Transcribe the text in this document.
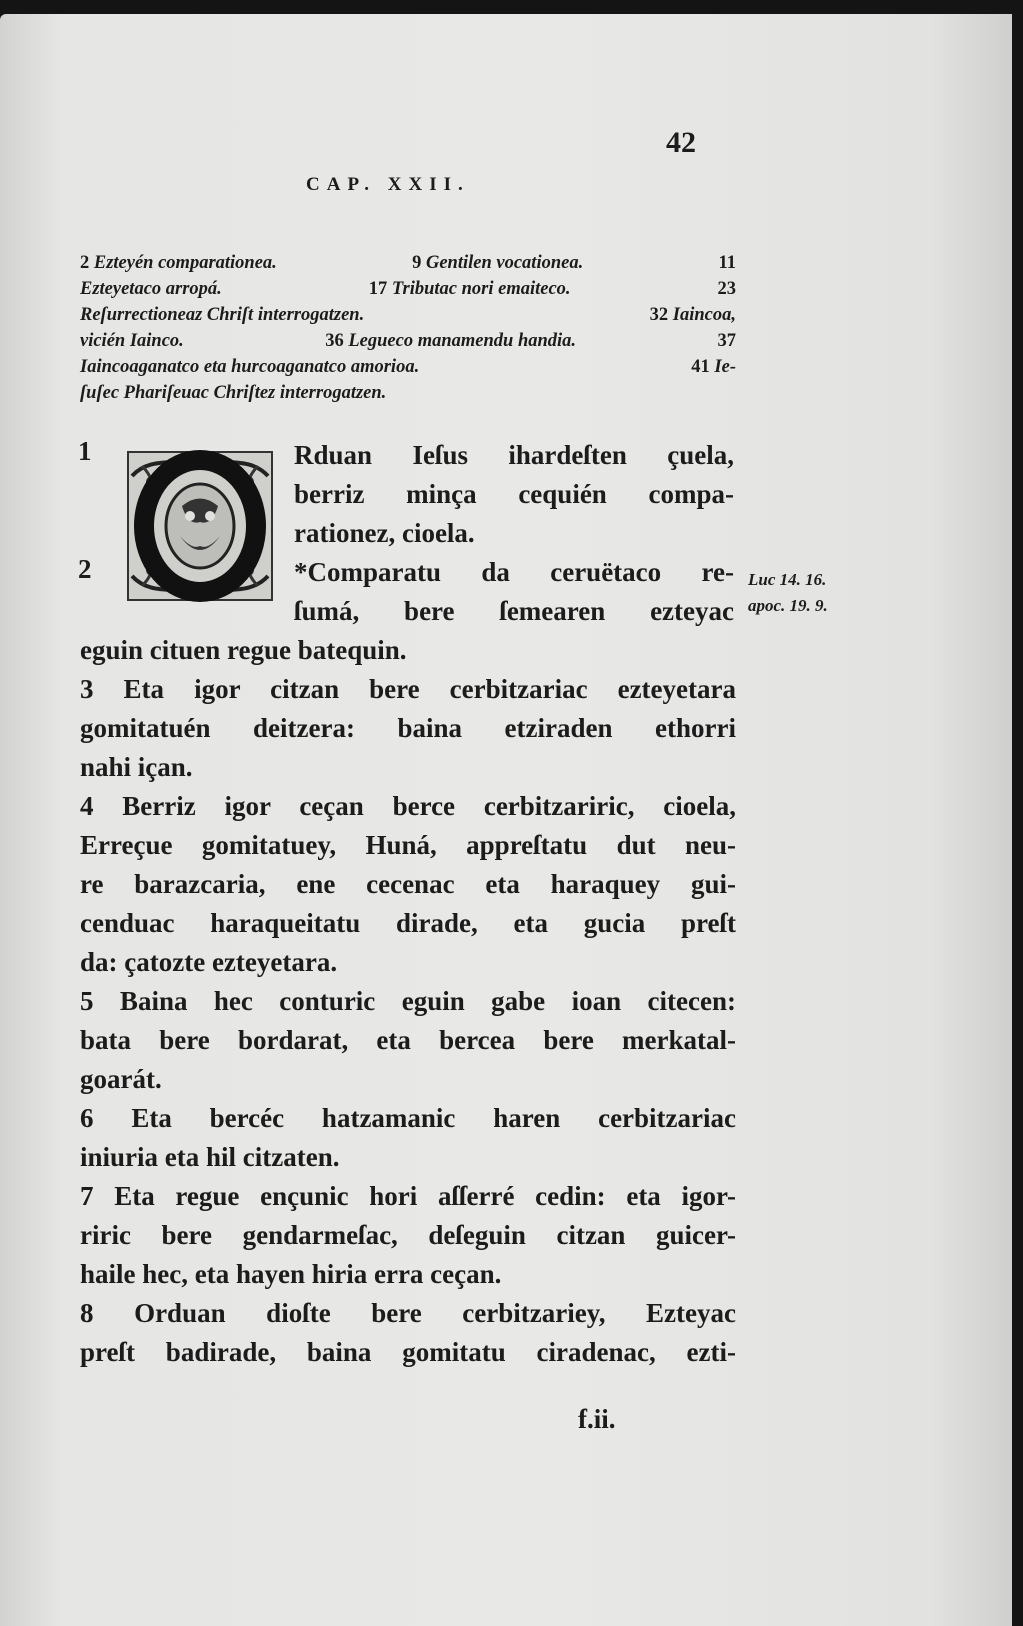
42
CAP. XXII.
2 Ezteyén comparationea.	9 Gentilen vocationea.	11
Ezteyetaco arropá.	17 Tributac nori emaiteco.	23
Reſurrectioneaz Chriſt interrogatzen.	32 Iaincoa,
vicién Iainco.	36 Legueco manamendu handia.	37
Iaincoaganatco eta hurcoaganatco amorioa.	41 Ie-
ſuſec Phariſeuac Chriſtez interrogatzen.
1
2
Rduan Ieſus ihardeſten çuela,
berriz minça cequién compa-
rationez, cioela.
*Comparatu da ceruëtaco re-
ſumá, bere ſemearen ezteyac
eguin cituen regue batequin.
3 Eta igor citzan bere cerbitzariac ezteyetara
gomitatuén deitzera: baina etziraden ethorri
nahi içan.
4 Berriz igor ceçan berce cerbitzariric, cioela,
Erreçue gomitatuey, Huná, appreſtatu dut neu-
re barazcaria, ene cecenac eta haraquey gui-
cenduac haraqueitatu dirade, eta gucia preſt
da: çatozte ezteyetara.
5 Baina hec conturic eguin gabe ioan citecen:
bata bere bordarat, eta bercea bere merkatal-
goarát.
6 Eta bercéc hatzamanic haren cerbitzariac
iniuria eta hil citzaten.
7 Eta regue ençunic hori aſſerré cedin: eta igor-
riric bere gendarmeſac, deſeguin citzan guicer-
haile hec, eta hayen hiria erra ceçan.
8 Orduan dioſte bere cerbitzariey, Ezteyac
preſt badirade, baina gomitatu ciradenac, ezti-
Luc 14. 16.
apoc. 19. 9.
f.ii.
